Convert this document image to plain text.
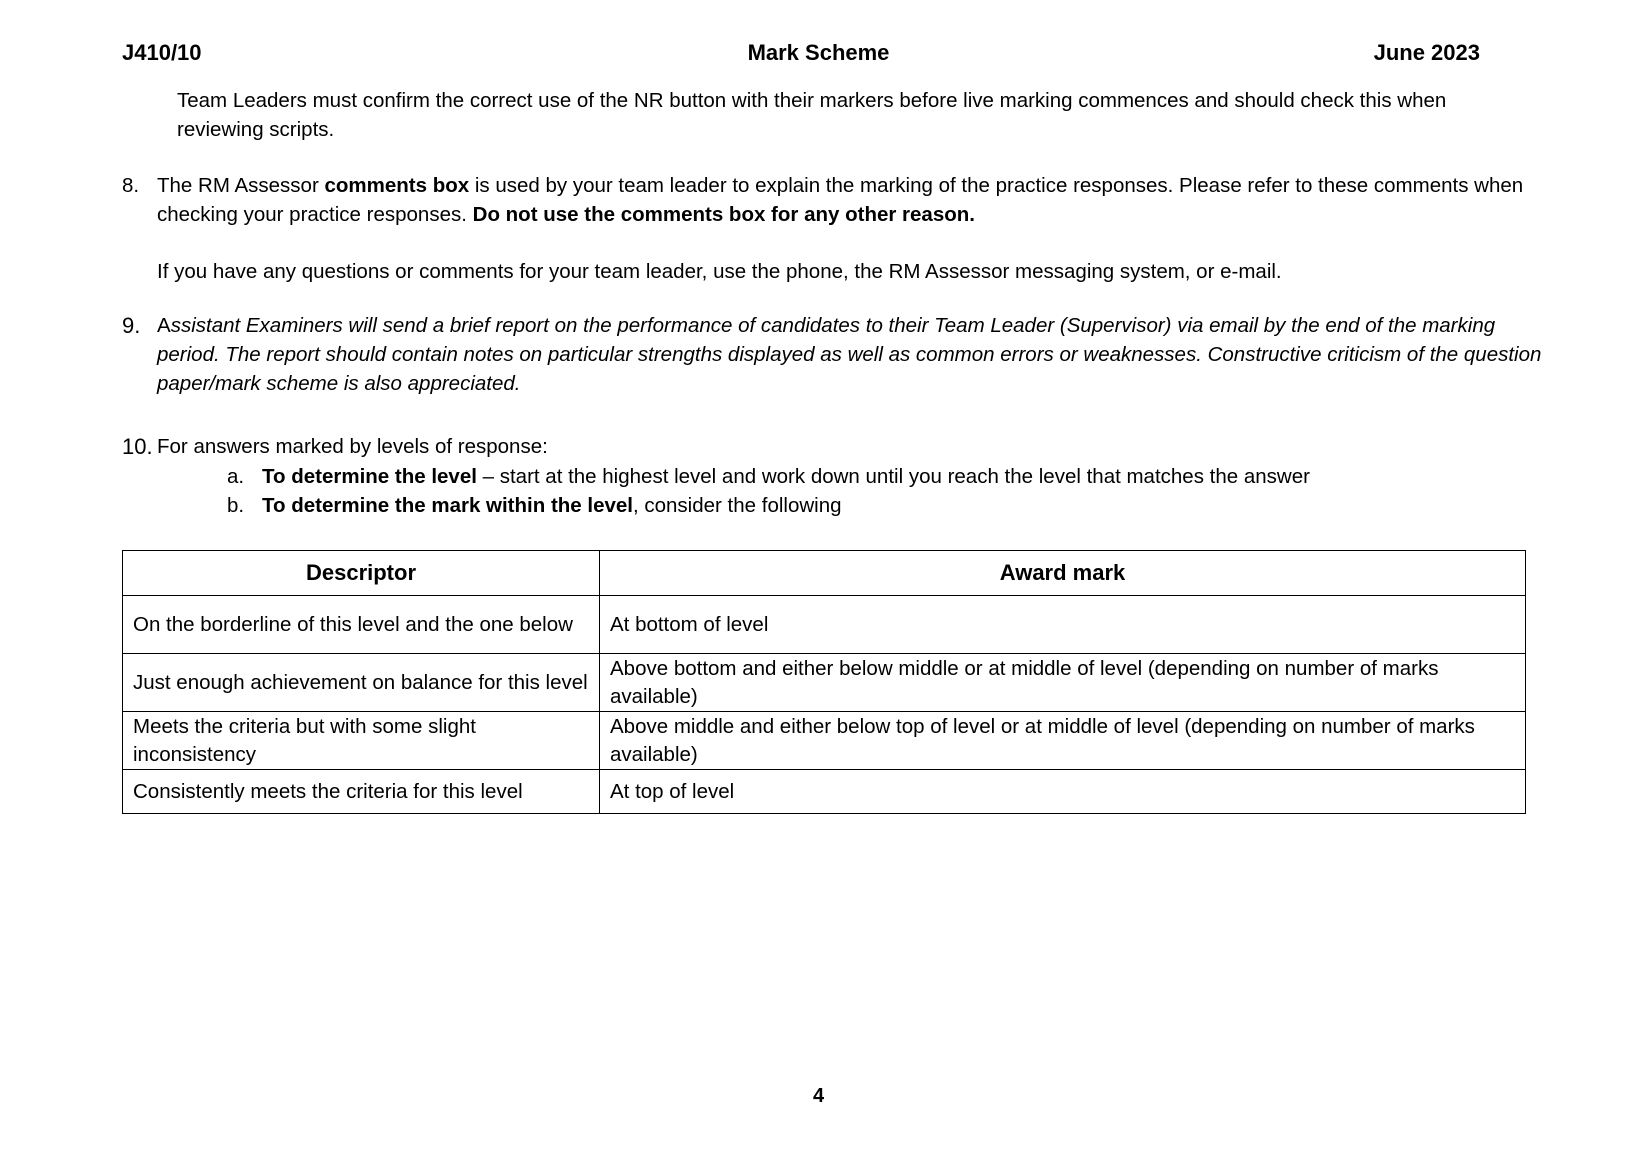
J410/10	Mark Scheme	June 2023
Team Leaders must confirm the correct use of the NR button with their markers before live marking commences and should check this when reviewing scripts.
8. The RM Assessor comments box is used by your team leader to explain the marking of the practice responses. Please refer to these comments when checking your practice responses. Do not use the comments box for any other reason.
If you have any questions or comments for your team leader, use the phone, the RM Assessor messaging system, or e-mail.
9. Assistant Examiners will send a brief report on the performance of candidates to their Team Leader (Supervisor) via email by the end of the marking period. The report should contain notes on particular strengths displayed as well as common errors or weaknesses. Constructive criticism of the question paper/mark scheme is also appreciated.
10. For answers marked by levels of response:
a. To determine the level – start at the highest level and work down until you reach the level that matches the answer
b. To determine the mark within the level, consider the following
Descriptor	Award mark
On the borderline of this level and the one below	At bottom of level
Just enough achievement on balance for this level	Above bottom and either below middle or at middle of level (depending on number of marks available)
Meets the criteria but with some slight inconsistency	Above middle and either below top of level or at middle of level (depending on number of marks available)
Consistently meets the criteria for this level	At top of level
4
